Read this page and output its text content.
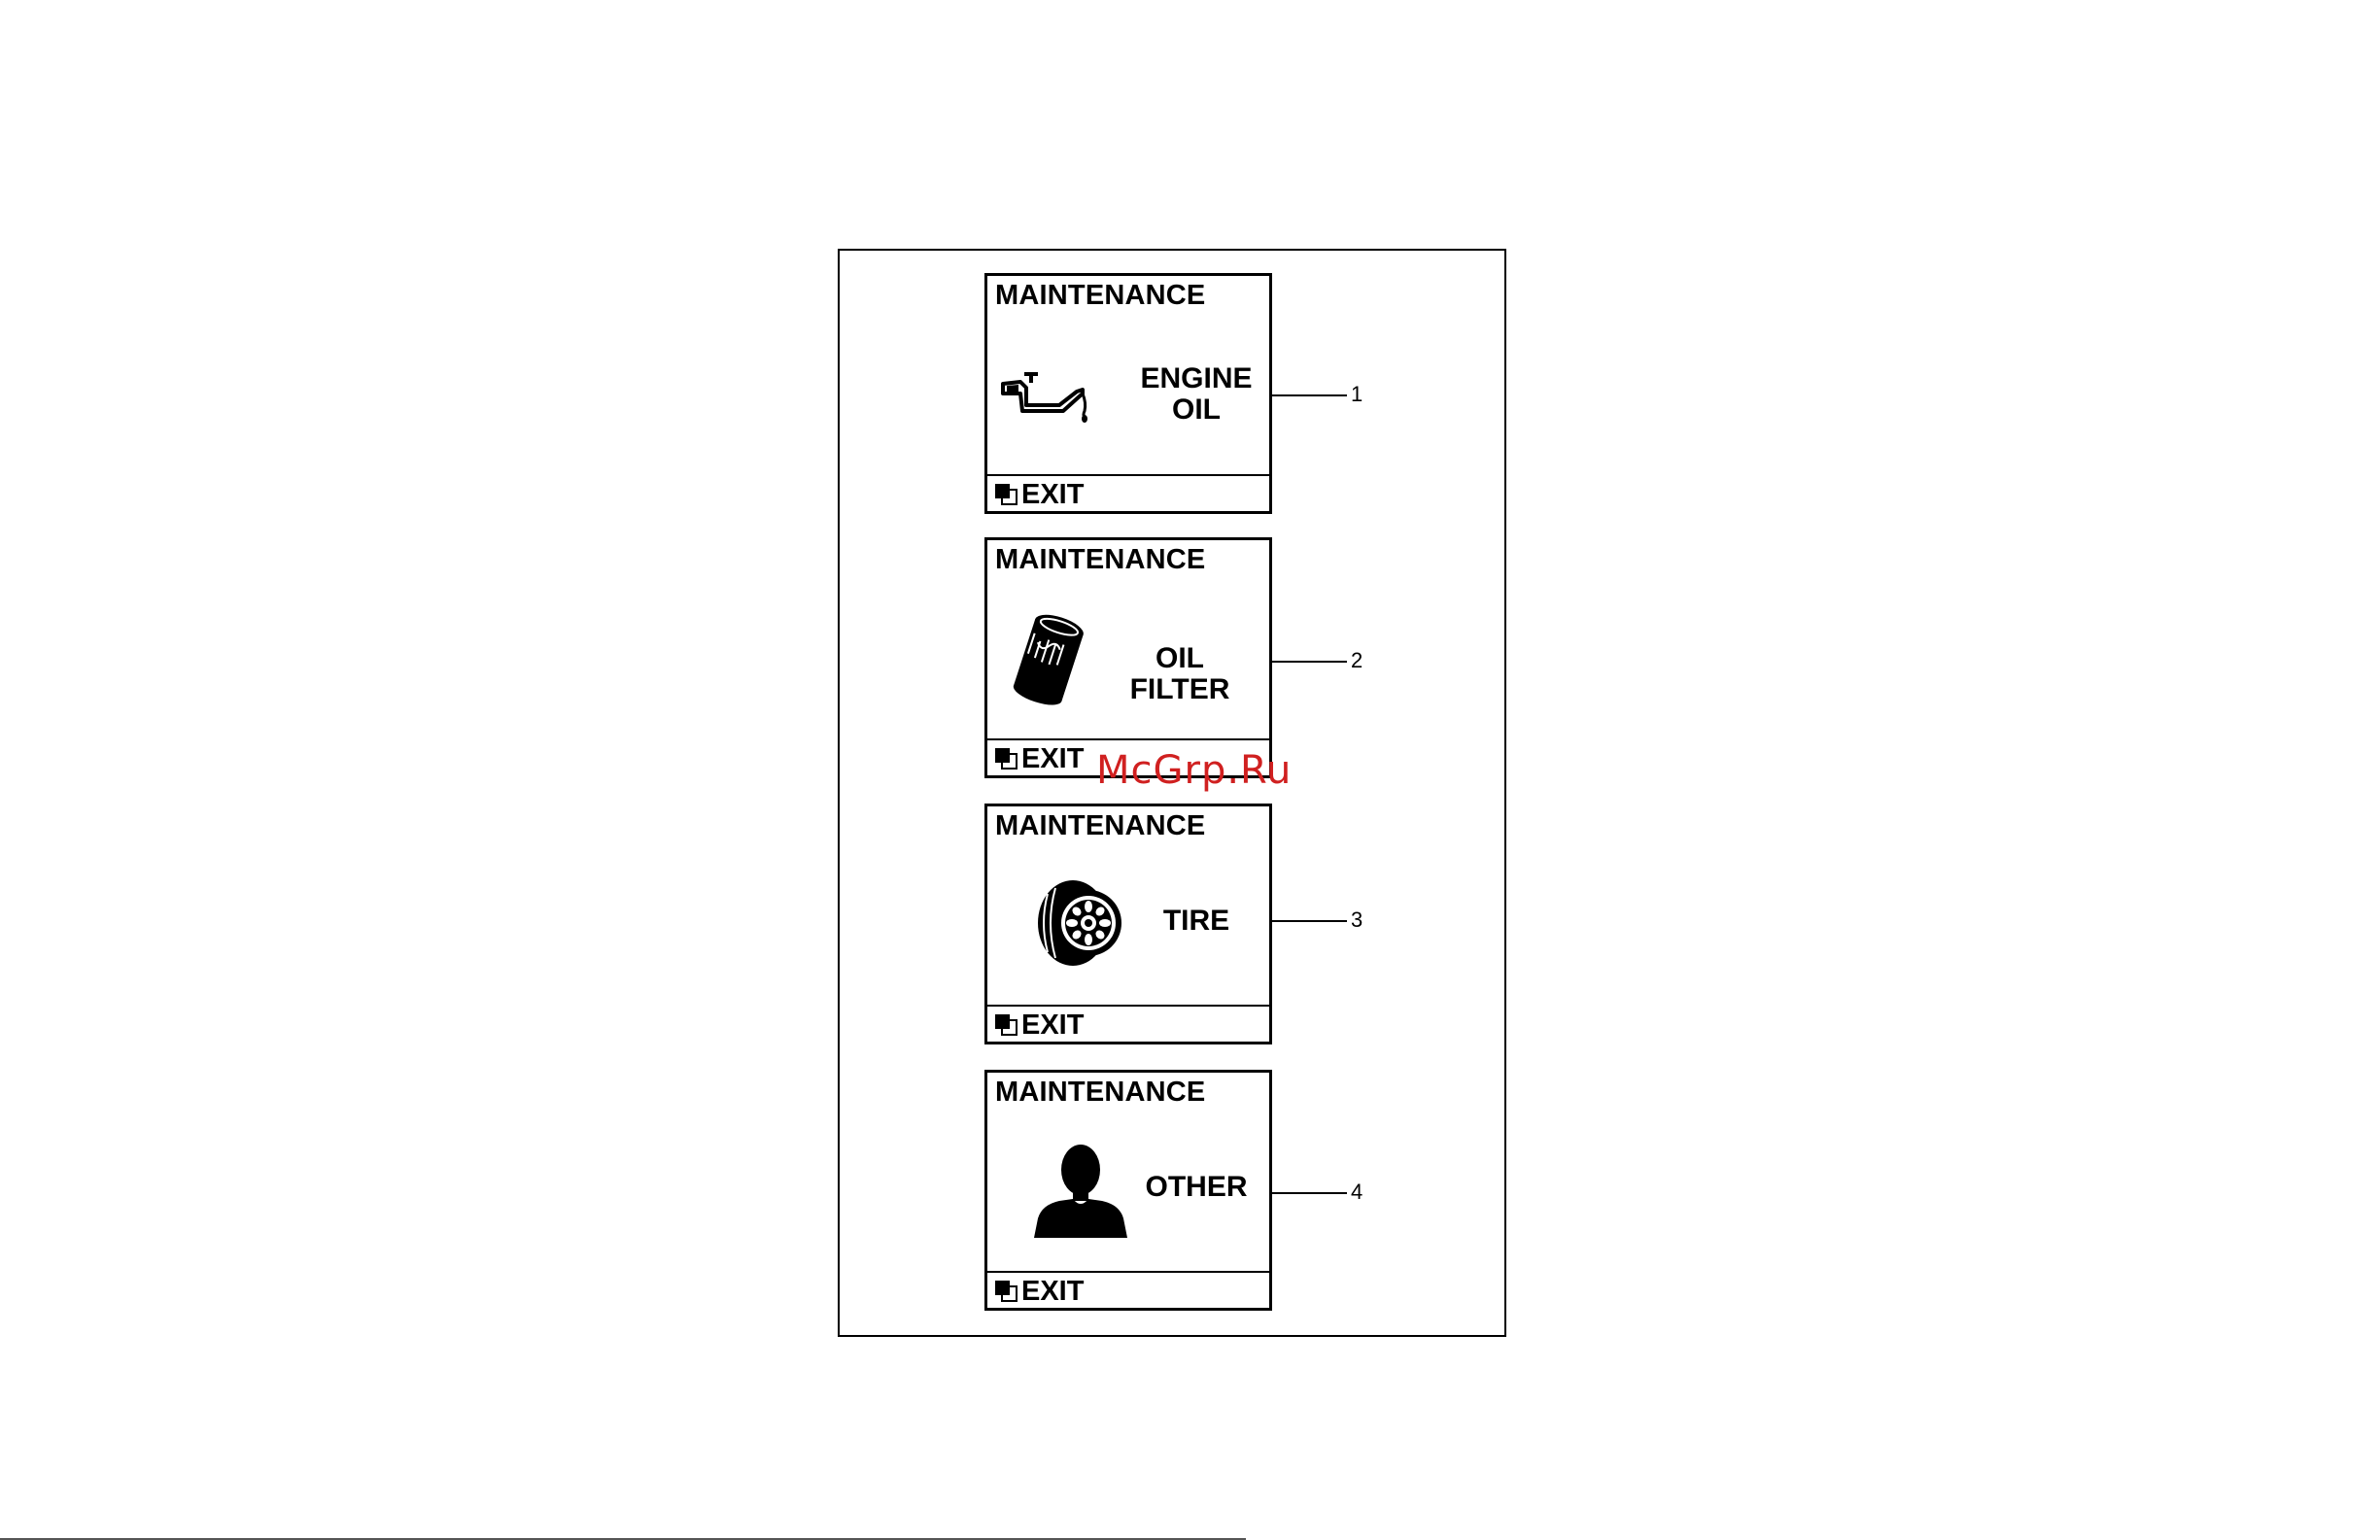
MAINTENANCE
ENGINE
OIL
EXIT
MAINTENANCE
OIL FILTER
EXIT
MAINTENANCE
TIRE
EXIT
MAINTENANCE
OTHER
EXIT
1
2
3
4
McGrp.Ru
